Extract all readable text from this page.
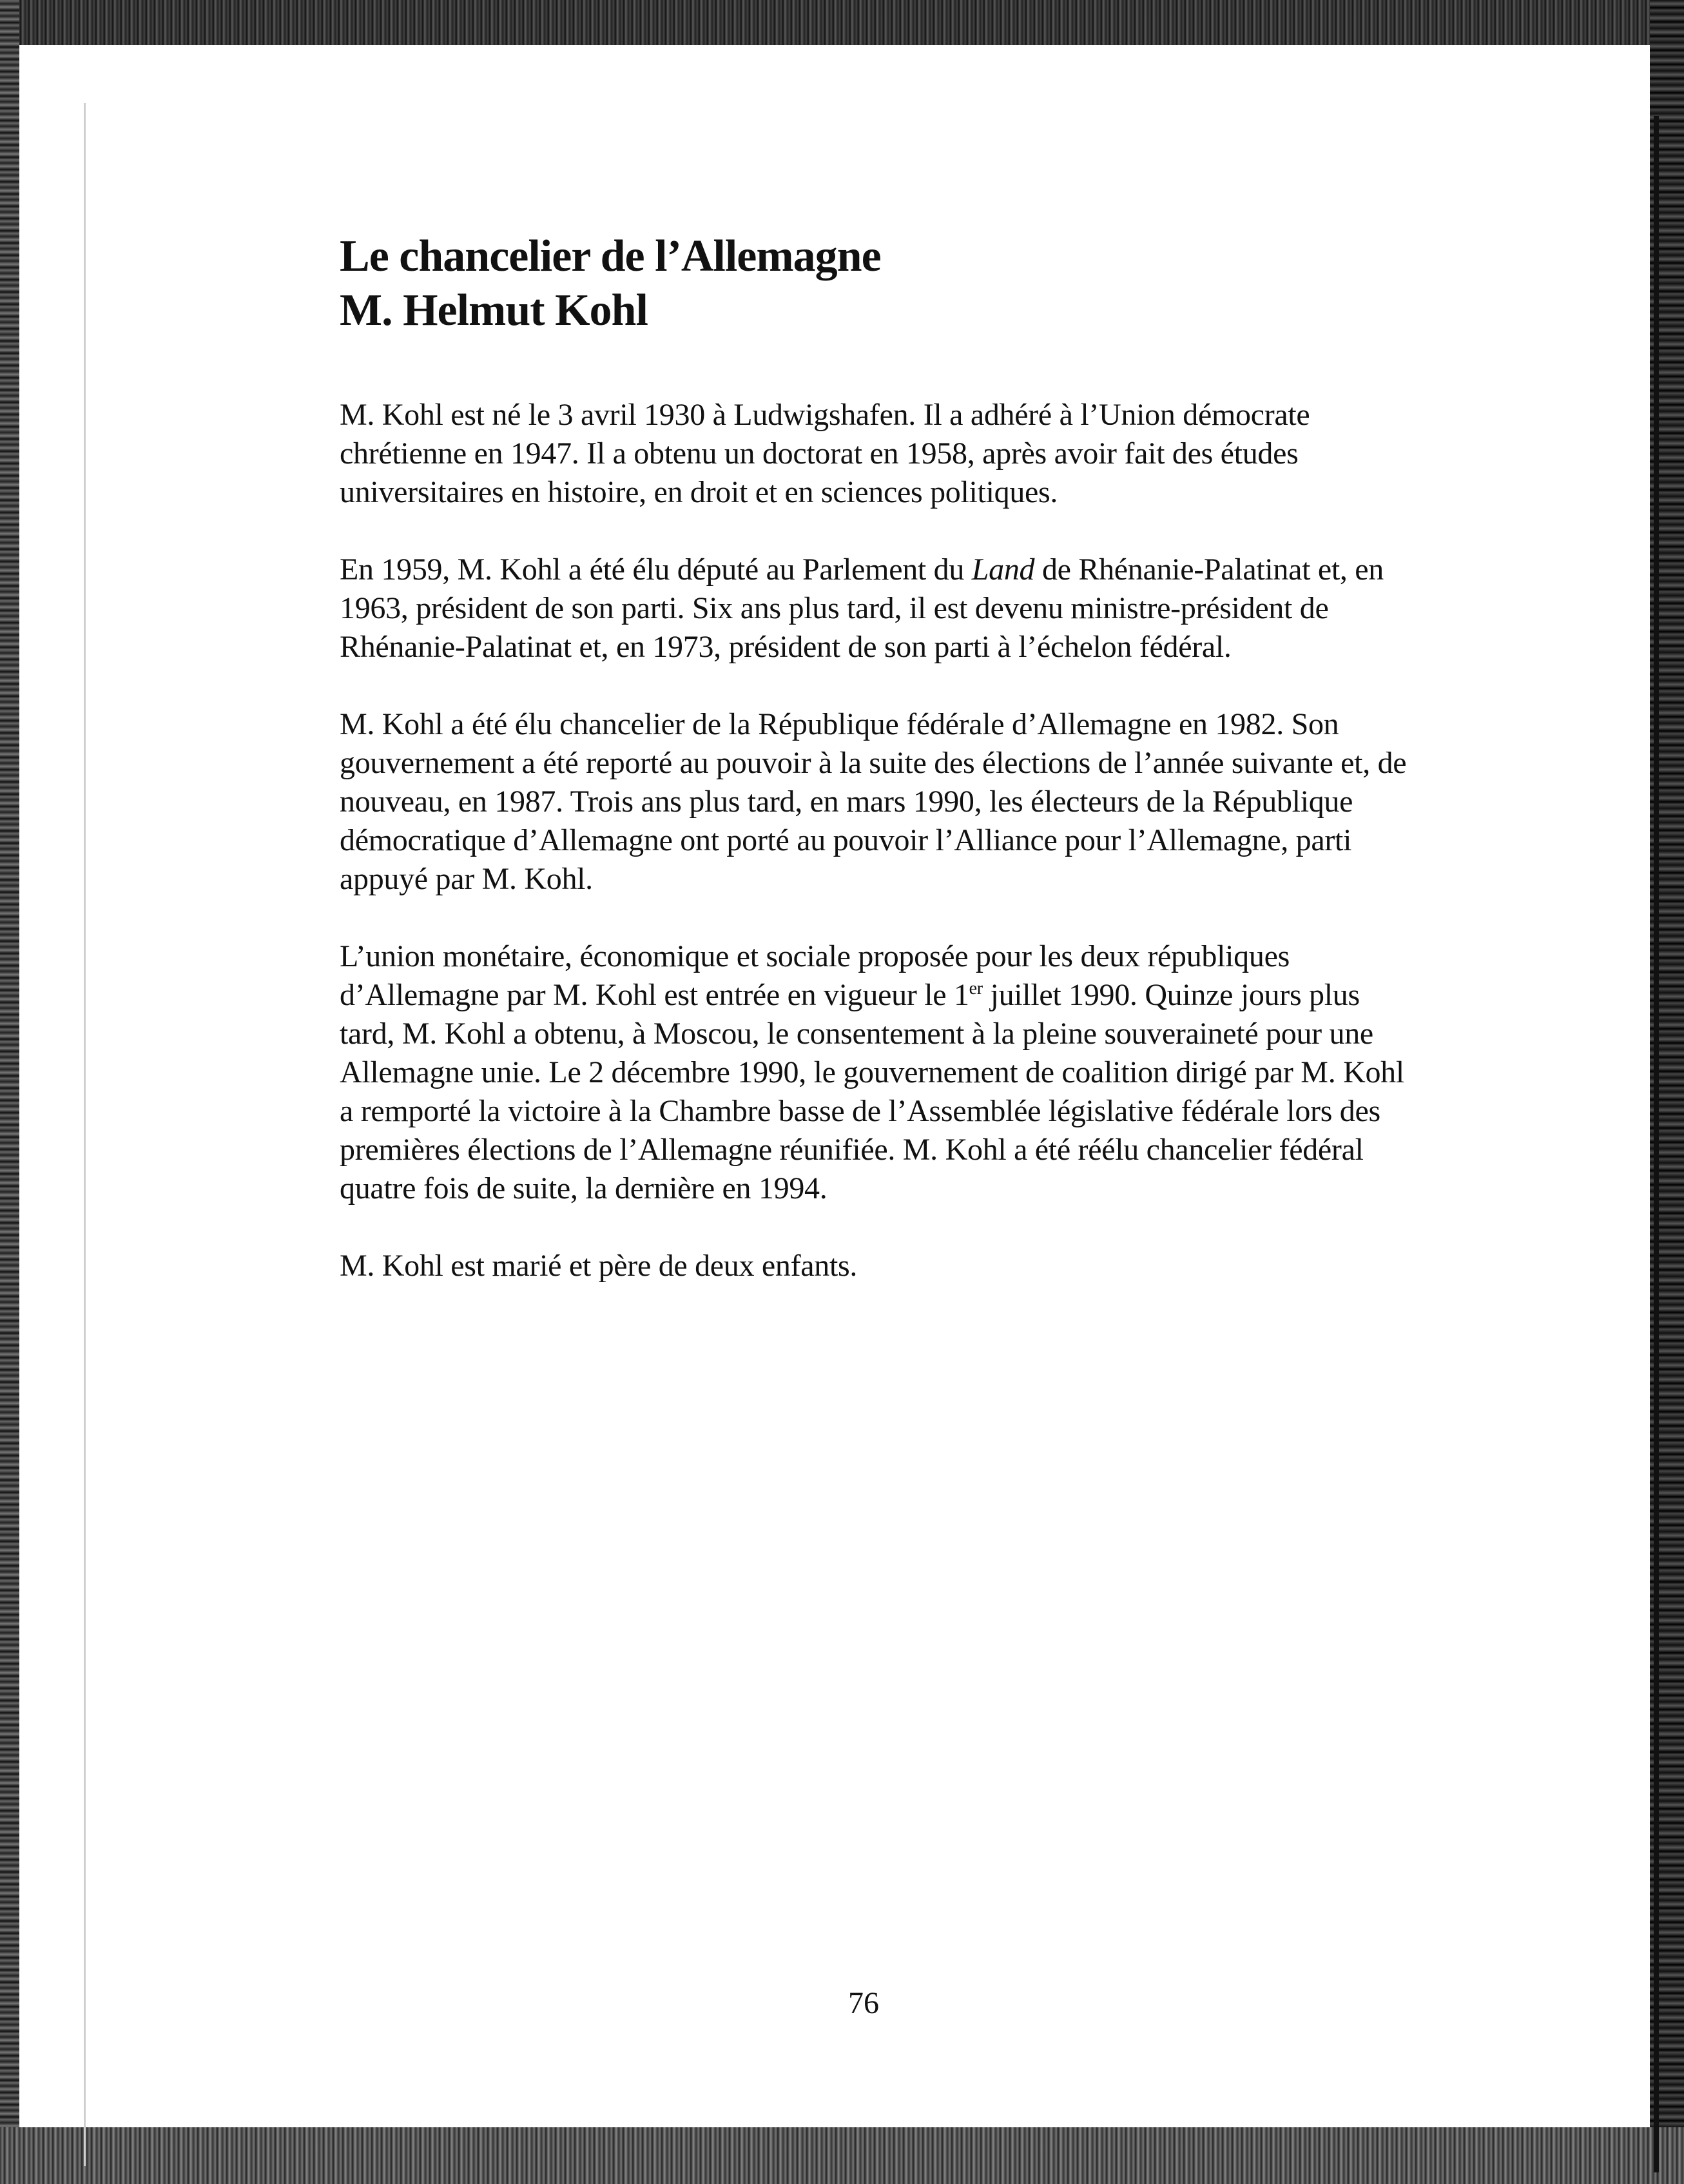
Le chancelier de l’Allemagne
M. Helmut Kohl

M. Kohl est né le 3 avril 1930 à Ludwigshafen. Il a adhéré à l’Union démocrate chrétienne en 1947. Il a obtenu un doctorat en 1958, après avoir fait des études universitaires en histoire, en droit et en sciences politiques.

En 1959, M. Kohl a été élu député au Parlement du Land de Rhénanie-Palatinat et, en 1963, président de son parti. Six ans plus tard, il est devenu ministre-président de Rhénanie-Palatinat et, en 1973, président de son parti à l’échelon fédéral.

M. Kohl a été élu chancelier de la République fédérale d’Allemagne en 1982. Son gouvernement a été reporté au pouvoir à la suite des élections de l’année suivante et, de nouveau, en 1987. Trois ans plus tard, en mars 1990, les électeurs de la République démocratique d’Allemagne ont porté au pouvoir l’Alliance pour l’Allemagne, parti appuyé par M. Kohl.

L’union monétaire, économique et sociale proposée pour les deux républiques d’Allemagne par M. Kohl est entrée en vigueur le 1er juillet 1990. Quinze jours plus tard, M. Kohl a obtenu, à Moscou, le consentement à la pleine souveraineté pour une Allemagne unie. Le 2 décembre 1990, le gouvernement de coalition dirigé par M. Kohl a remporté la victoire à la Chambre basse de l’Assemblée législative fédérale lors des premières élections de l’Allemagne réunifiée. M. Kohl a été réélu chancelier fédéral quatre fois de suite, la dernière en 1994.

M. Kohl est marié et père de deux enfants.

76
